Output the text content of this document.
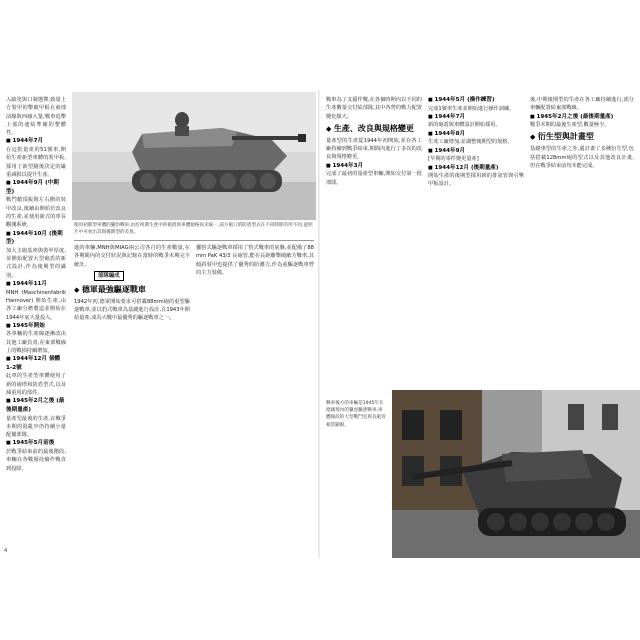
入缺塗與口制選擇,致量上方裝甲的擊破甲板在東部前線與西線大量,戰車追擊上部的連結準確的整體性。
■ 1944年7月
在這批量產的51號車,開始生產新型車體的裝甲板,採用了新型隨後決定的嚴重減損以提升生產。
■ 1944年9月 (中期型)
戰鬥艙頂板與左右側的裝甲改良,後續由開始於改良的生產,並使用新式的車長觀測系統。
■ 1944年10月 (後期型)
加大主砲基座與裝甲厚度,並開始配置大型砲盾的新式設計,作為後期型的識別。
■ 1944年11月
MNH (Maschinenfabrik Hannover) 開始生產,由各工廠分擔製造並開始在1944年底大量投入。
■ 1945年開始
各車輛的生產線逐漸改由其他工廠負責,在東部戰線上的戰損持續增加。
■ 1944年12月 個體1-2號
此車的生產型車體使用了新的砲塔和防盾型式,以及減重用的部件。
■ 1945年2月之後 (最後期量產)
量產型最後的生產,在戰爭末期的混亂中仍持續小量配備部隊。
■ 1945年5月前後
於戰爭結束前的最後階段,車輛在各戰場持續作戰直到投降。
使用初期型車體的獵豹戰車,由於初期生產中的砲盾與車體規格尚未統一,前方砲口的防盾型式在不同時期有所不同,從照片中可看出其與後期型的差異。
進的車輛,MNH與MIAG兩公司各自的生產數量,在各期間內的交付狀況與記錄在當時的戰爭末期完全統計。
部隊編成
◆ 德軍最強驅逐戰車
1942年初,德軍開始要求可搭載88mm砲的重型驅逐戰車,並以豹式戰車為基礎進行設計,在1943年開始量產,成為大戰中最優秀的驅逐戰車之一。
獵豹式驅逐戰車採用了豹式戰車的底盤,並配備了88mm PaK 43/3 長砲管,能在長距離擊破敵方戰車,其傾斜裝甲也提供了優秀的防護力,作為重驅逐戰車營的主力裝備。
4
戰車為了支援作戰,在各個時期內以不同的生產數量交付給部隊,其中各營的戰力配置變化頗大。
◆ 生產、改良與規格變更
量產型的生產從1944年初開始,並在各工廠持續到戰爭結束,期間內進行了多次的改良與規格變更。
■ 1944年3月
完成了最初的量產型車輛,開始交付第一批部隊。
■ 1944年5月 (操作練習)
完成1號車生產並開始進行操作訓練。
■ 1944年7月
新的砲盾與車體設計開始採用。
■ 1944年8月
生產工廠增加,並調整後期型的規格。
■ 1944年9月
[早期的零件變更量產]
■ 1944年12月 (後期量產)
開始生產的後期型採用新的排氣管與引擎甲板設計。
後,中期後期型的生產在各工廠持續進行,部分車輛配置給東部戰線。
■ 1945年2月之後 (最後期量產)
戰爭末期的最後生產型,數量極少。
◆ 衍生型與計畫型
基礎車型的生產之外,還計畫了多種衍生型,包括搭載128mm砲的型式以及其他改良計畫,但在戰爭結束前均未能完成。
戰車後方的車輛是1945年在德國境內的獵虎驅逐戰車,車體後段的大型戰鬥室與長砲管相當顯眼。
